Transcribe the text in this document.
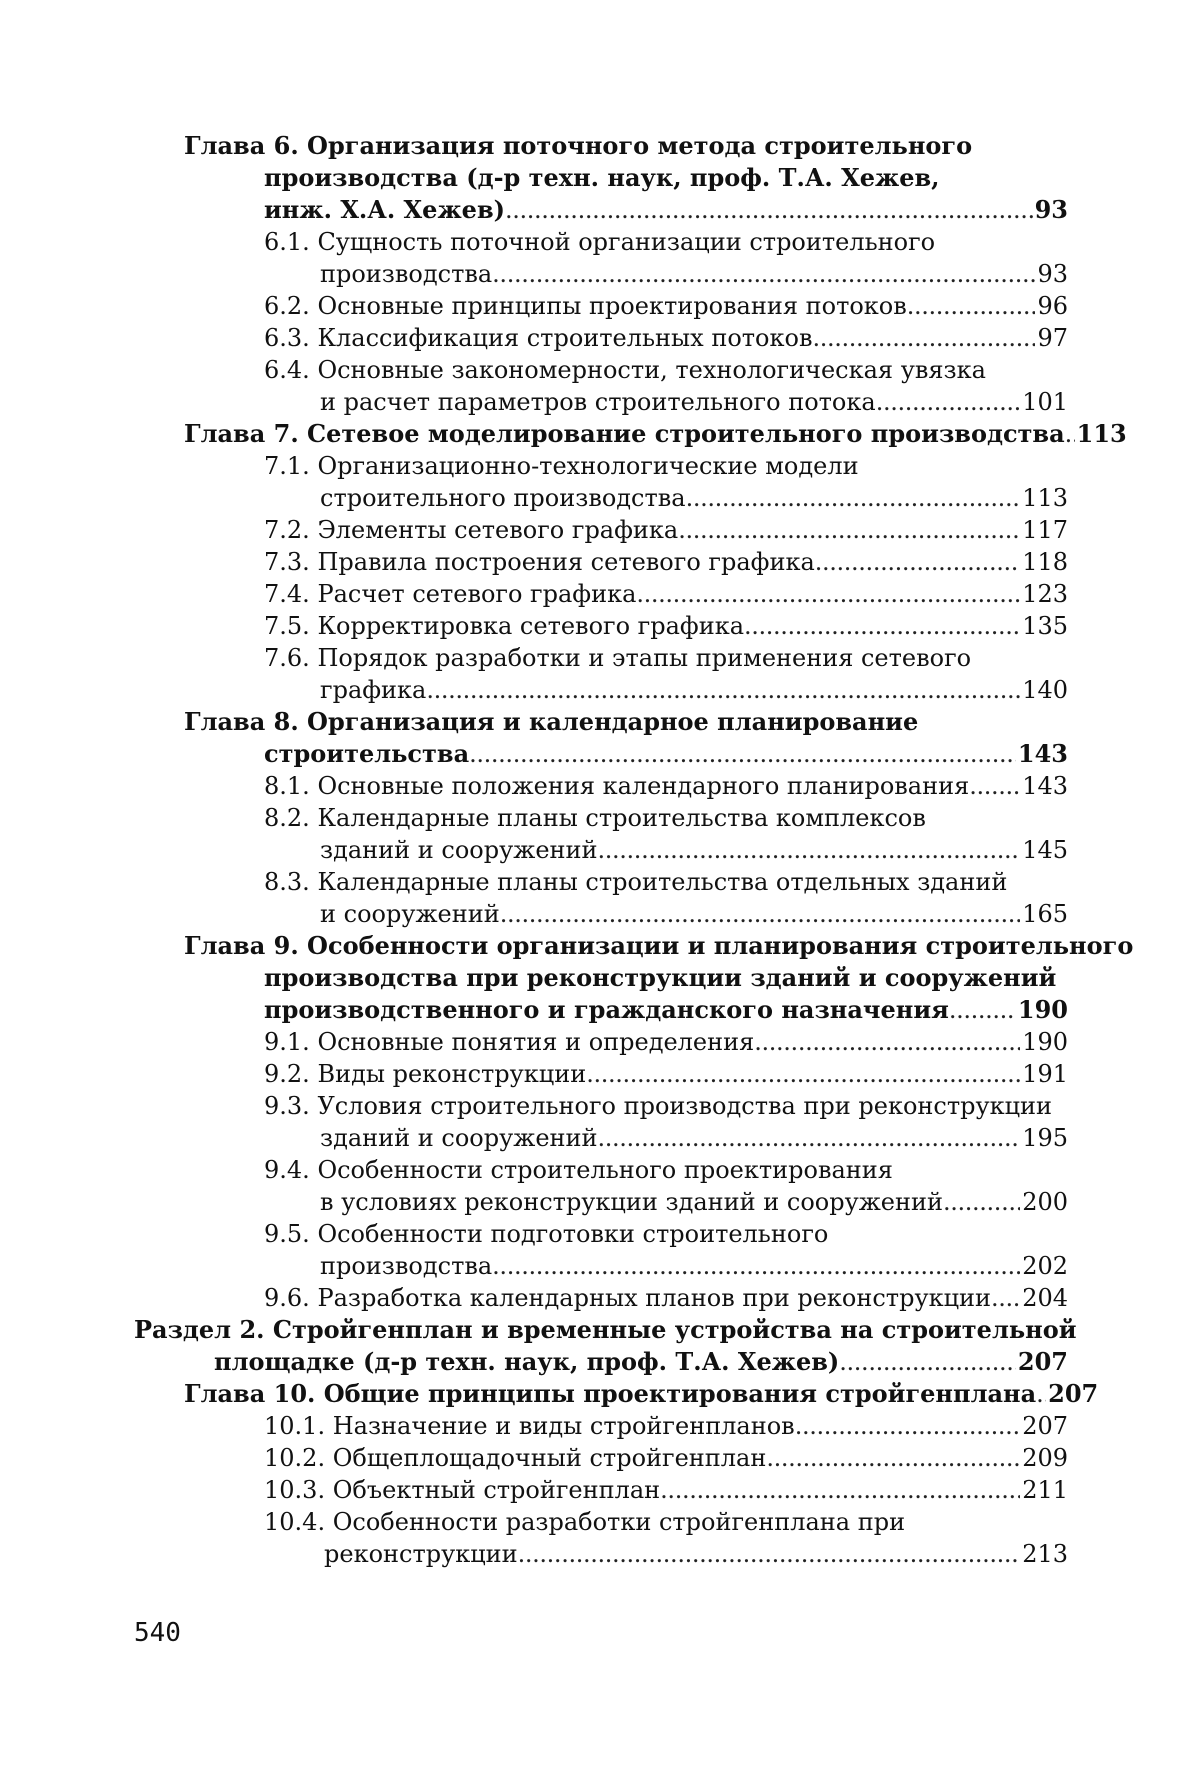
Глава 6. Организация поточного метода строительного
производства (д-р техн. наук, проф. Т.А. Хежев,
инж. Х.А. Хежев) . . .	93
6.1. Сущность поточной организации строительного
производства . . .	93
6.2. Основные принципы проектирования потоков . . .	96
6.3. Классификация строительных потоков . . .	97
6.4. Основные закономерности, технологическая увязка
и расчет параметров строительного потока . . .	101
Глава 7. Сетевое моделирование строительного производства . . . 113
7.1. Организационно-технологические модели
строительного производства . . .	113
7.2. Элементы сетевого графика . . .	117
7.3. Правила построения сетевого графика . . .	118
7.4. Расчет сетевого графика . . .	123
7.5. Корректировка сетевого графика . . .	135
7.6. Порядок разработки и этапы применения сетевого
графика . . .	140
Глава 8. Организация и календарное планирование
строительства . . .	143
8.1. Основные положения календарного планирования . . . 143
8.2. Календарные планы строительства комплексов
зданий и сооружений . . .	145
8.3. Календарные планы строительства отдельных зданий
и сооружений . . .	165
Глава 9. Особенности организации и планирования строительного
производства при реконструкции зданий и сооружений
производственного и гражданского назначения . . .	190
9.1. Основные понятия и определения . . .	190
9.2. Виды реконструкции . . .	191
9.3. Условия строительного производства при реконструкции
зданий и сооружений . . .	195
9.4. Особенности строительного проектирования
в условиях реконструкции зданий и сооружений . . .	200
9.5. Особенности подготовки строительного
производства . . .	202
9.6. Разработка календарных планов при реконструкции . . . 204
Раздел 2. Стройгенплан и временные устройства на строительной
площадке (д-р техн. наук, проф. Т.А. Хежев) . . .	207
Глава 10. Общие принципы проектирования стройгенплана . . . 207
10.1. Назначение и виды стройгенпланов . . .	207
10.2. Общеплощадочный стройгенплан . . .	209
10.3. Объектный стройгенплан . . .	211
10.4. Особенности разработки стройгенплана при
реконструкции . . .	213
540
